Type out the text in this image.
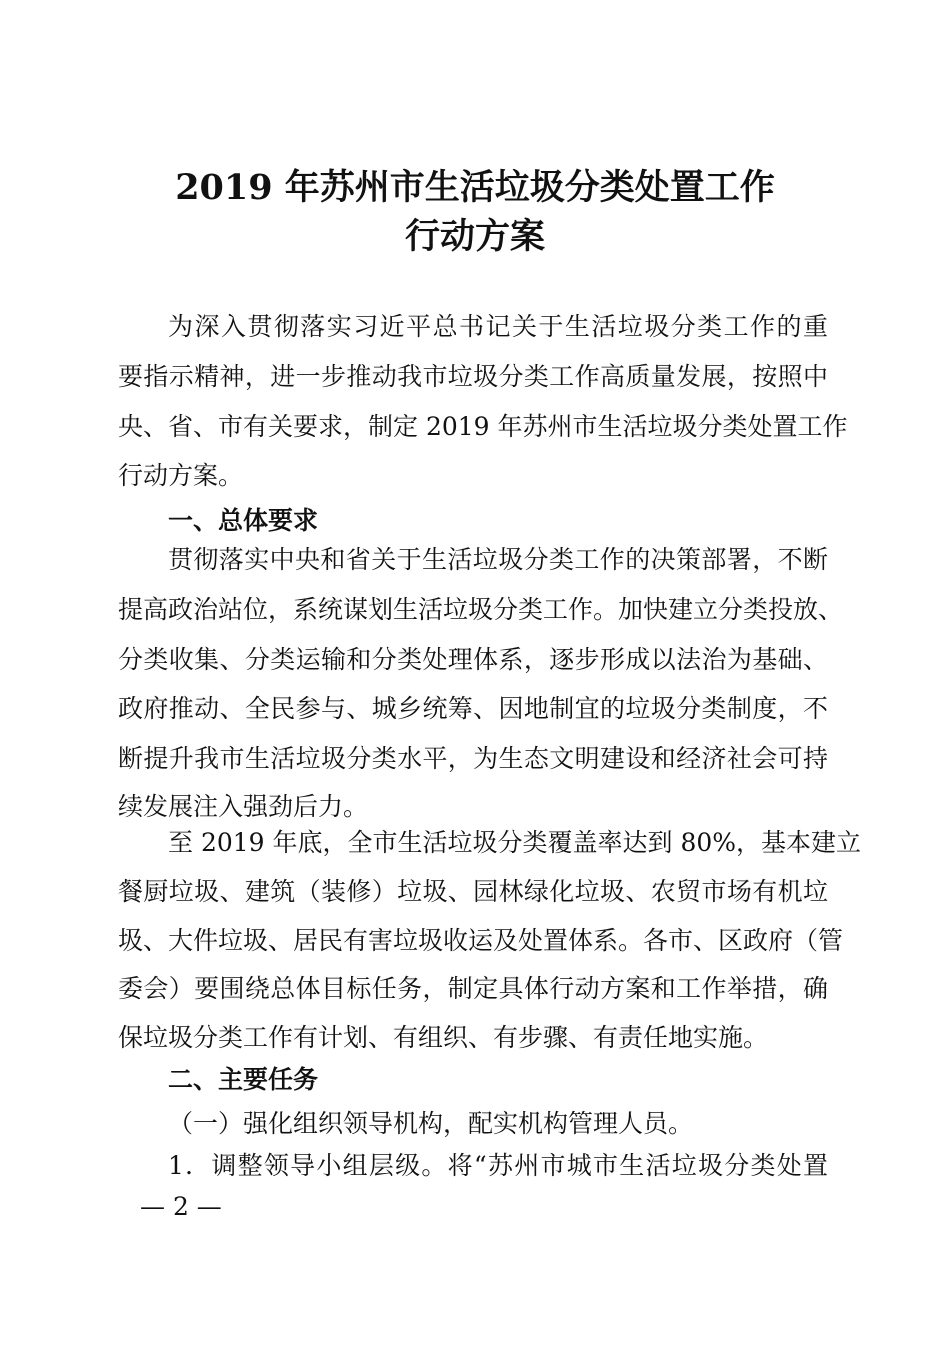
2019 年苏州市生活垃圾分类处置工作
行动方案
为深入贯彻落实习近平总书记关于生活垃圾分类工作的重
要指示精神，进一步推动我市垃圾分类工作高质量发展，按照中
央、省、市有关要求，制定 2019 年苏州市生活垃圾分类处置工作
行动方案。
一、总体要求
贯彻落实中央和省关于生活垃圾分类工作的决策部署，不断
提高政治站位，系统谋划生活垃圾分类工作。加快建立分类投放、
分类收集、分类运输和分类处理体系，逐步形成以法治为基础、
政府推动、全民参与、城乡统筹、因地制宜的垃圾分类制度，不
断提升我市生活垃圾分类水平，为生态文明建设和经济社会可持
续发展注入强劲后力。
至 2019 年底，全市生活垃圾分类覆盖率达到 80%，基本建立
餐厨垃圾、建筑（装修）垃圾、园林绿化垃圾、农贸市场有机垃
圾、大件垃圾、居民有害垃圾收运及处置体系。各市、区政府（管
委会）要围绕总体目标任务，制定具体行动方案和工作举措，确
保垃圾分类工作有计划、有组织、有步骤、有责任地实施。
二、主要任务
（一）强化组织领导机构，配实机构管理人员。
1．调整领导小组层级。将“苏州市城市生活垃圾分类处置
— 2 —
